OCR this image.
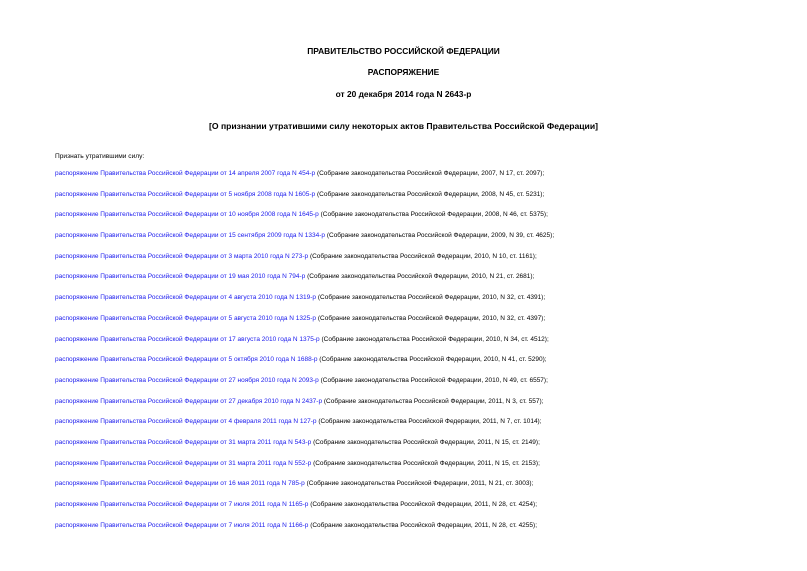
ПРАВИТЕЛЬСТВО РОССИЙСКОЙ ФЕДЕРАЦИИ
РАСПОРЯЖЕНИЕ
от 20 декабря 2014 года N 2643-р
[О признании утратившими силу некоторых актов Правительства Российской Федерации]
Признать утратившими силу:
распоряжение Правительства Российской Федерации от 14 апреля 2007 года N 454-р (Собрание законодательства Российской Федерации, 2007, N 17, ст. 2097);
распоряжение Правительства Российской Федерации от 5 ноября 2008 года N 1605-р (Собрание законодательства Российской Федерации, 2008, N 45, ст. 5231);
распоряжение Правительства Российской Федерации от 10 ноября 2008 года N 1645-р (Собрание законодательства Российской Федерации, 2008, N 46, ст. 5375);
распоряжение Правительства Российской Федерации от 15 сентября 2009 года N 1334-р (Собрание законодательства Российской Федерации, 2009, N 39, ст. 4625);
распоряжение Правительства Российской Федерации от 3 марта 2010 года N 273-р (Собрание законодательства Российской Федерации, 2010, N 10, ст. 1161);
распоряжение Правительства Российской Федерации от 19 мая 2010 года N 794-р (Собрание законодательства Российской Федерации, 2010, N 21, ст. 2681);
распоряжение Правительства Российской Федерации от 4 августа 2010 года N 1319-р (Собрание законодательства Российской Федерации, 2010, N 32, ст. 4391);
распоряжение Правительства Российской Федерации от 5 августа 2010 года N 1325-р (Собрание законодательства Российской Федерации, 2010, N 32, ст. 4397);
распоряжение Правительства Российской Федерации от 17 августа 2010 года N 1375-р (Собрание законодательства Российской Федерации, 2010, N 34, ст. 4512);
распоряжение Правительства Российской Федерации от 5 октября 2010 года N 1688-р (Собрание законодательства Российской Федерации, 2010, N 41, ст. 5290);
распоряжение Правительства Российской Федерации от 27 ноября 2010 года N 2093-р (Собрание законодательства Российской Федерации, 2010, N 49, ст. 6557);
распоряжение Правительства Российской Федерации от 27 декабря 2010 года N 2437-р (Собрание законодательства Российской Федерации, 2011, N 3, ст. 557);
распоряжение Правительства Российской Федерации от 4 февраля 2011 года N 127-р (Собрание законодательства Российской Федерации, 2011, N 7, ст. 1014);
распоряжение Правительства Российской Федерации от 31 марта 2011 года N 543-р (Собрание законодательства Российской Федерации, 2011, N 15, ст. 2149);
распоряжение Правительства Российской Федерации от 31 марта 2011 года N 552-р (Собрание законодательства Российской Федерации, 2011, N 15, ст. 2153);
распоряжение Правительства Российской Федерации от 16 мая 2011 года N 785-р (Собрание законодательства Российской Федерации, 2011, N 21, ст. 3003);
распоряжение Правительства Российской Федерации от 7 июля 2011 года N 1165-р (Собрание законодательства Российской Федерации, 2011, N 28, ст. 4254);
распоряжение Правительства Российской Федерации от 7 июля 2011 года N 1166-р (Собрание законодательства Российской Федерации, 2011, N 28, ст. 4255);
